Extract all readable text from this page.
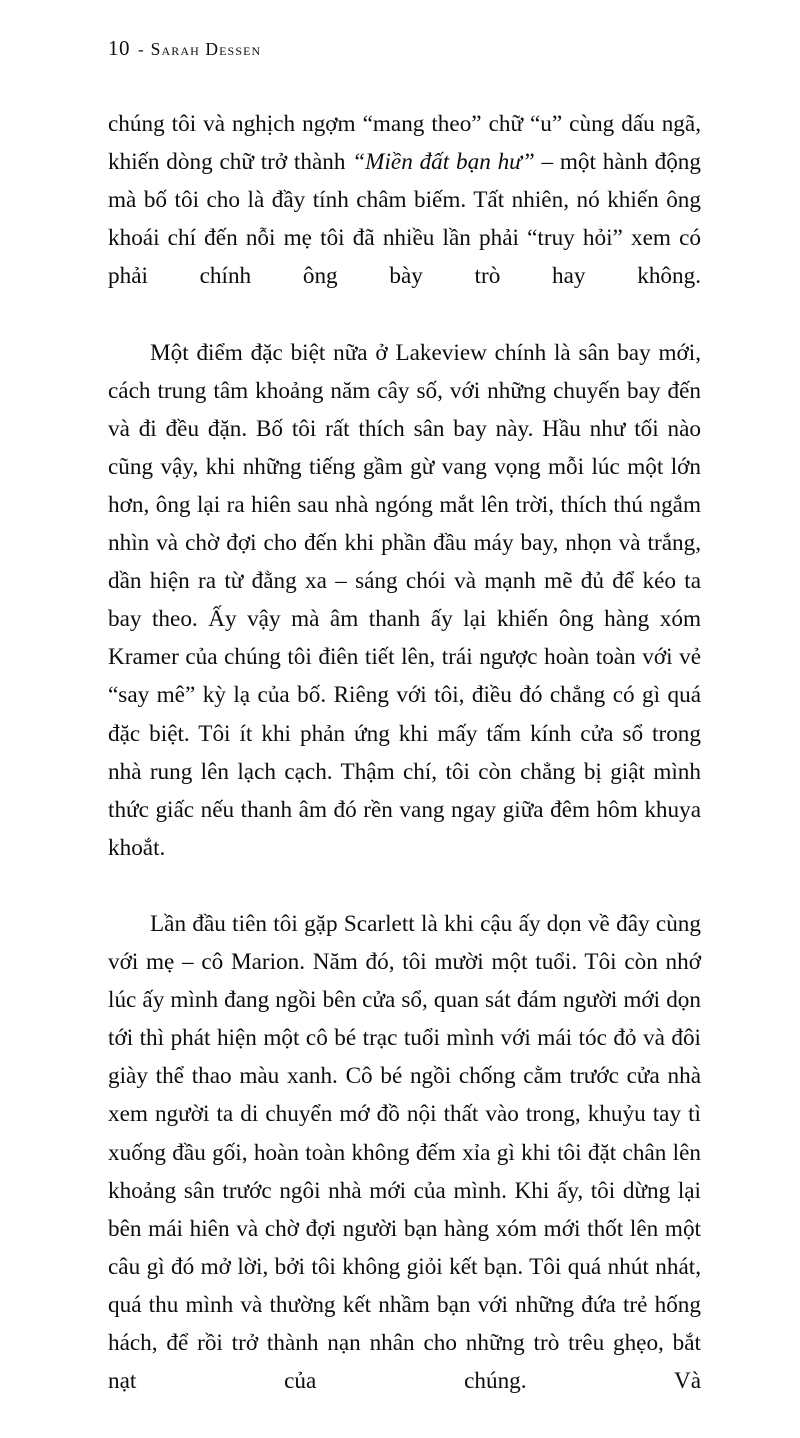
10 - Sarah Dessen

chúng tôi và nghịch ngợm “mang theo” chữ “u” cùng dấu ngã, khiến dòng chữ trở thành “Miền đất bạn hư” – một hành động mà bố tôi cho là đầy tính châm biếm. Tất nhiên, nó khiến ông khoái chí đến nỗi mẹ tôi đã nhiều lần phải “truy hỏi” xem có phải chính ông bày trò hay không.

Một điểm đặc biệt nữa ở Lakeview chính là sân bay mới, cách trung tâm khoảng năm cây số, với những chuyến bay đến và đi đều đặn. Bố tôi rất thích sân bay này. Hầu như tối nào cũng vậy, khi những tiếng gầm gừ vang vọng mỗi lúc một lớn hơn, ông lại ra hiên sau nhà ngóng mắt lên trời, thích thú ngắm nhìn và chờ đợi cho đến khi phần đầu máy bay, nhọn và trắng, dần hiện ra từ đằng xa – sáng chói và mạnh mẽ đủ để kéo ta bay theo. Ấy vậy mà âm thanh ấy lại khiến ông hàng xóm Kramer của chúng tôi điên tiết lên, trái ngược hoàn toàn với vẻ “say mê” kỳ lạ của bố. Riêng với tôi, điều đó chẳng có gì quá đặc biệt. Tôi ít khi phản ứng khi mấy tấm kính cửa sổ trong nhà rung lên lạch cạch. Thậm chí, tôi còn chẳng bị giật mình thức giấc nếu thanh âm đó rền vang ngay giữa đêm hôm khuya khoắt.

Lần đầu tiên tôi gặp Scarlett là khi cậu ấy dọn về đây cùng với mẹ – cô Marion. Năm đó, tôi mười một tuổi. Tôi còn nhớ lúc ấy mình đang ngồi bên cửa sổ, quan sát đám người mới dọn tới thì phát hiện một cô bé trạc tuổi mình với mái tóc đỏ và đôi giày thể thao màu xanh. Cô bé ngồi chống cằm trước cửa nhà xem người ta di chuyển mớ đồ nội thất vào trong, khuỷu tay tì xuống đầu gối, hoàn toàn không đếm xỉa gì khi tôi đặt chân lên khoảng sân trước ngôi nhà mới của mình. Khi ấy, tôi dừng lại bên mái hiên và chờ đợi người bạn hàng xóm mới thốt lên một câu gì đó mở lời, bởi tôi không giỏi kết bạn. Tôi quá nhút nhát, quá thu mình và thường kết nhầm bạn với những đứa trẻ hống hách, để rồi trở thành nạn nhân cho những trò trêu ghẹo, bắt nạt của chúng. Và
